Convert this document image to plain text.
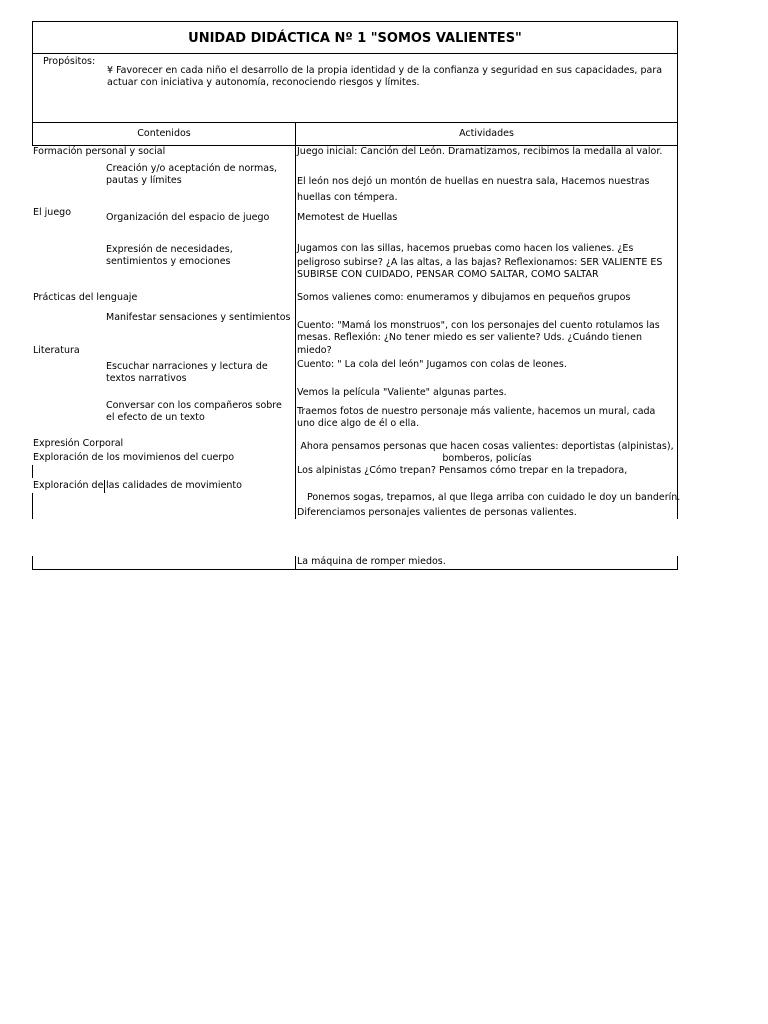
UNIDAD DIDÁCTICA Nº 1 "SOMOS VALIENTES"
Propósitos:
¥ Favorecer en cada niño el desarrollo de la propia identidad y de la confianza y seguridad en sus capacidades, para actuar con iniciativa y autonomía, reconociendo riesgos y límites.
Contenidos	Actividades
Formación personal y social
Creación y/o aceptación de normas, pautas y límites
El juego	Organización del espacio de juego
Expresión de necesidades, sentimientos y emociones
Prácticas del lenguaje
Manifestar sensaciones y sentimientos
Literatura
Escuchar narraciones y lectura de textos narrativos
Conversar con los compañeros sobre el efecto de un texto
Expresión Corporal
Exploración de los movimienos del cuerpo
Exploración de las calidades de movimiento
Juego inicial: Canción del León. Dramatizamos, recibimos la medalla al valor.
El león nos dejó un montón de huellas en nuestra sala, Hacemos nuestras
huellas con témpera.
Memotest de Huellas
Jugamos con las sillas, hacemos pruebas como hacen los valienes. ¿Es
peligroso subirse? ¿A las altas, a las bajas? Reflexionamos: SER VALIENTE ES SUBIRSE CON CUIDADO, PENSAR COMO SALTAR, COMO SALTAR
Somos valienes como: enumeramos y dibujamos en pequeños grupos
Cuento: "Mamá los monstruos", con los personajes del cuento rotulamos las mesas. Reflexión: ¿No tener miedo es ser valiente? Uds. ¿Cuándo tienen
miedo?
Cuento: " La cola del león" Jugamos con colas de leones.
Vemos la película "Valiente" algunas partes.
Traemos fotos de nuestro personaje más valiente, hacemos un mural, cada uno dice algo de él o ella.
Ahora pensamos personas que hacen cosas valientes: deportistas (alpinistas), bomberos, policías
Los alpinistas ¿Cómo trepan? Pensamos cómo trepar en la trepadora,
Ponemos sogas, trepamos, al que llega arriba con cuidado le doy un banderín.
Diferenciamos personajes valientes de personas valientes.
La máquina de romper miedos.
